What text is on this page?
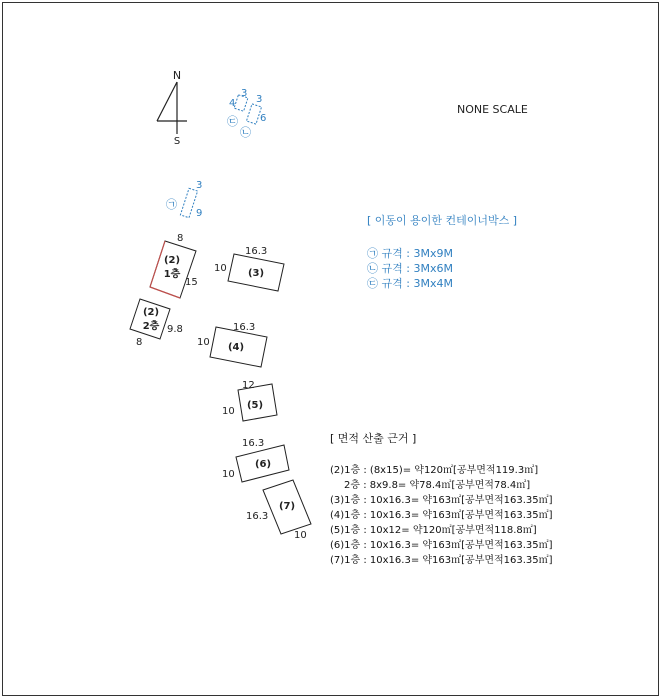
N
S
NONE SCALE
3
9
㉠
3
3
4
6
㉢
㉡
(2)
1층
8
15
(2)
2층
8
9.8
(3)
16.3
10
(4)
16.3
10
(5)
12
10
(6)
16.3
10
(7)
16.3
10
[ 이동이 용이한 컨테이너박스 ]
㉠ 규격 : 3Mx9M
㉡ 규격 : 3Mx6M
㉢ 규격 : 3Mx4M
[ 면적 산출 근거 ]
(2)1층 : (8x15)= 약120㎡[공부면적119.3㎡]
2층 : 8x9.8= 약78.4㎡[공부면적78.4㎡]
(3)1층 : 10x16.3= 약163㎡[공부면적163.35㎡]
(4)1층 : 10x16.3= 약163㎡[공부면적163.35㎡]
(5)1층 : 10x12= 약120㎡[공부면적118.8㎡]
(6)1층 : 10x16.3= 약163㎡[공부면적163.35㎡]
(7)1층 : 10x16.3= 약163㎡[공부면적163.35㎡]
